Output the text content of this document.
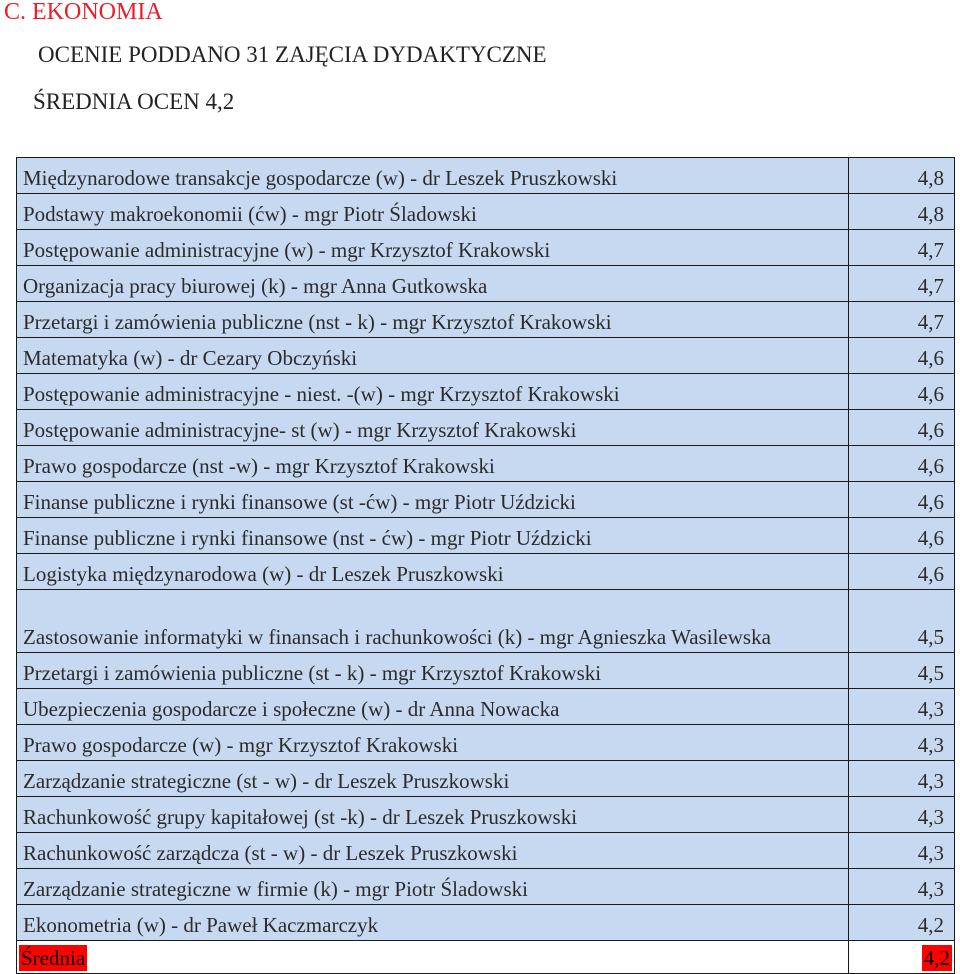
C. EKONOMIA
OCENIE PODDANO 31 ZAJĘCIA DYDAKTYCZNE
ŚREDNIA OCEN 4,2
Międzynarodowe transakcje gospodarcze (w) - dr Leszek Pruszkowski	4,8
Podstawy makroekonomii (ćw) - mgr Piotr Śladowski	4,8
Postępowanie administracyjne (w) - mgr Krzysztof Krakowski	4,7
Organizacja pracy biurowej (k) - mgr Anna Gutkowska	4,7
Przetargi i zamówienia publiczne (nst - k) - mgr Krzysztof Krakowski	4,7
Matematyka (w) - dr Cezary Obczyński	4,6
Postępowanie administracyjne - niest. -(w) - mgr Krzysztof Krakowski	4,6
Postępowanie administracyjne- st (w) - mgr Krzysztof Krakowski	4,6
Prawo gospodarcze (nst -w) - mgr Krzysztof Krakowski	4,6
Finanse publiczne i rynki finansowe (st -ćw) - mgr Piotr Uździcki	4,6
Finanse publiczne i rynki finansowe (nst - ćw) - mgr Piotr Uździcki	4,6
Logistyka międzynarodowa (w) - dr Leszek Pruszkowski	4,6
Zastosowanie informatyki w finansach i rachunkowości (k) - mgr Agnieszka Wasilewska	4,5
Przetargi i zamówienia publiczne (st - k) - mgr Krzysztof Krakowski	4,5
Ubezpieczenia gospodarcze i społeczne (w) - dr Anna Nowacka	4,3
Prawo gospodarcze (w) - mgr Krzysztof Krakowski	4,3
Zarządzanie strategiczne (st - w) - dr Leszek Pruszkowski	4,3
Rachunkowość grupy kapitałowej (st -k) - dr Leszek Pruszkowski	4,3
Rachunkowość zarządcza (st - w) - dr Leszek Pruszkowski	4,3
Zarządzanie strategiczne w firmie (k) - mgr Piotr Śladowski	4,3
Ekonometria (w) - dr Paweł Kaczmarczyk	4,2
Średnia	4,2
